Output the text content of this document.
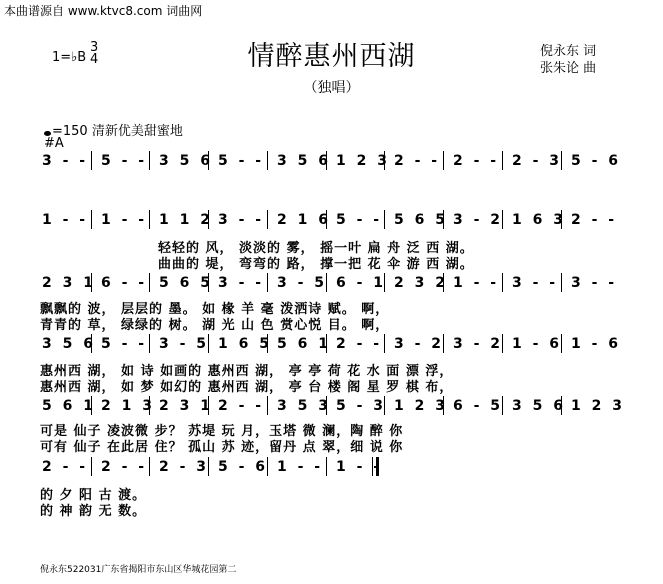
本曲谱源自 www.ktvc8.com 词曲网
情醉惠州西湖
（独唱）
1=♭B
3
4
倪永东 词
张朱论 曲
=150 清新优美甜蜜地
#A
3 - - 5 - - 3 5 6 5 - - 3 5 6 1 2 3 2 - - 2 - - 2 - 3 5 - 6
1 - - 1 - - 1 1 2 3 - - 2 1 6 5 - - 5 6 5 3 - 2 1 6 3 2 - -
轻轻的 风， 淡淡的 雾， 摇一叶 扁 舟 泛 西 湖。
曲曲的 堤， 弯弯的 路， 撑一把 花 伞 游 西 湖。
2 3 1 6 - - 5 6 5 3 - - 3 - 5 6 - 1 2 3 2 1 - - 3 - - 3 - -
飘飘的 波， 层层的 墨。 如 椽 羊 毫 泼洒诗 赋。 啊，
青青的 草， 绿绿的 树。 湖 光 山 色 赏心悦 目。 啊，
3 5 6 5 - - 3 - 5 1 6 5 5 6 1 2 - - 3 - 2 3 - 2 1 - 6 1 - 6
惠州西 湖， 如 诗 如画的 惠州西 湖， 亭 亭 荷 花 水 面 漂 浮，
惠州西 湖， 如 梦 如幻的 惠州西 湖， 亭 台 楼 阁 星 罗 棋 布，
5 6 1 2 1 3 2 3 1 2 - - 3 5 3 5 - 3 1 2 3 6 - 5 3 5 6 1 2 3
可是 仙子 凌波微 步？ 苏堤 玩 月，玉塔 微 澜，陶 醉 你
可有 仙子 在此居 住？ 孤山 苏 迹，留丹 点 翠，细 说 你
2 - - 2 - - 2 - 3 5 - 6 1 - - 1 - -
的 夕 阳 古 渡。
的 神 韵 无 数。
倪永东522031广东省揭阳市东山区华城花园第二
